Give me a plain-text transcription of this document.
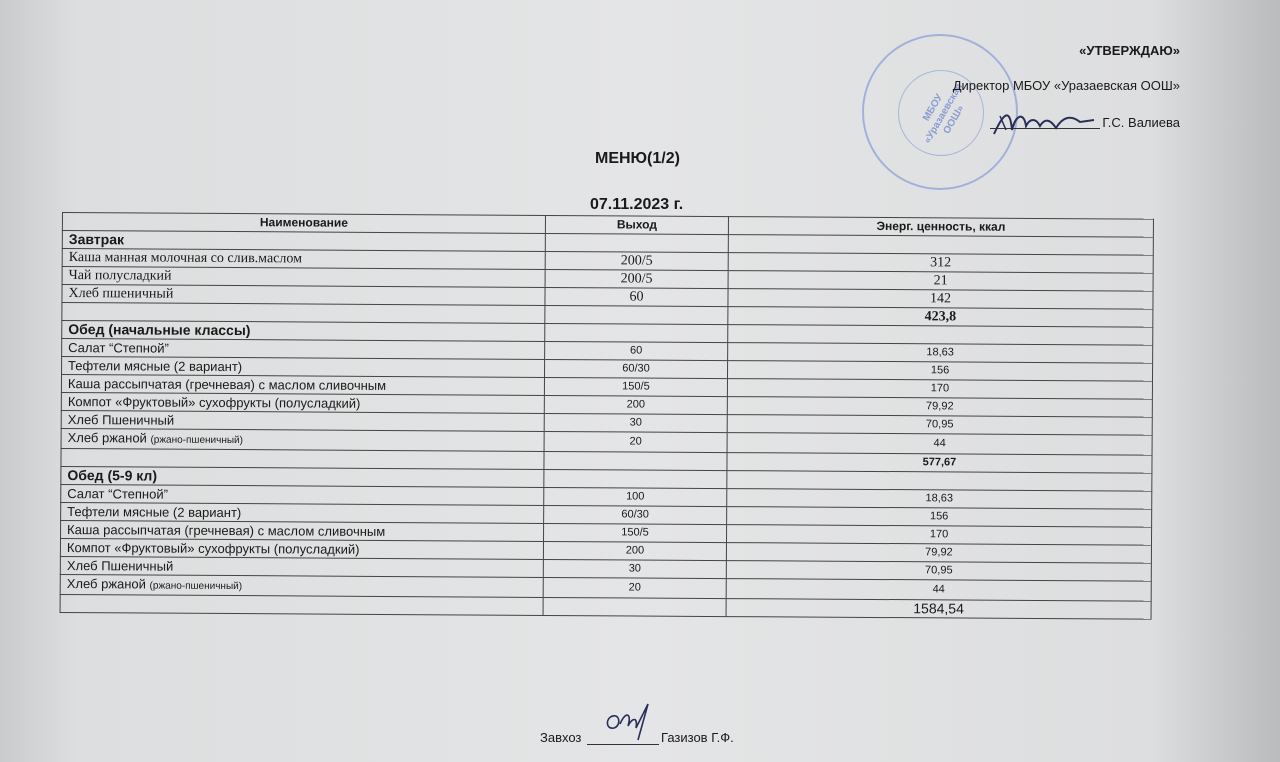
МБОУ «Уразаевская ООШ»
«УТВЕРЖДАЮ»
Директор МБОУ «Уразаевская ООШ»
Г.С. Валиева
МЕНЮ(1/2)
07.11.2023 г.
Наименование	Выход	Энерг. ценность, ккал
Завтрак		
Каша манная молочная со слив.маслом	200/5	312
Чай полусладкий	200/5	21
Хлеб пшеничный	60	142
		423,8
Обед (начальные классы)		
Салат “Степной”	60	18,63
Тефтели мясные (2 вариант)	60/30	156
Каша рассыпчатая (гречневая) с маслом сливочным	150/5	170
Компот «Фруктовый» сухофрукты (полусладкий)	200	79,92
Хлеб Пшеничный	30	70,95
Хлеб ржаной (ржано-пшеничный)	20	44
		577,67
Обед (5-9 кл)		
Салат “Степной”	100	18,63
Тефтели мясные (2 вариант)	60/30	156
Каша рассыпчатая (гречневая) с маслом сливочным	150/5	170
Компот «Фруктовый» сухофрукты (полусладкий)	200	79,92
Хлеб Пшеничный	30	70,95
Хлеб ржаной (ржано-пшеничный)	20	44
		1584,54
Завхоз	Газизов Г.Ф.
